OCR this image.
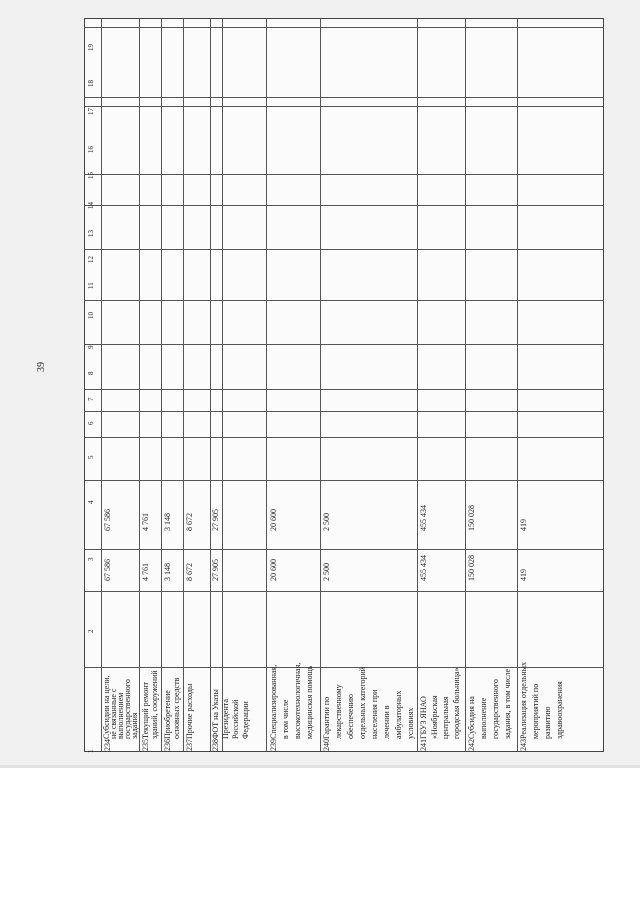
39
1
2
3
4
5
6
7
8
9
10
11
12
13
14
15
16
17
18
19
234
Субсидии на цели,
не связанные с
выполнением
государственного
задания
67 586
67 586
235
Текущий ремонт зданий, сооружений
4 761
4 761
236
Приобретение основных средств
3 148
3 148
237
Прочие расходы
8 672
8 672
238
ФОТ на Указы Президента Российской Федерации
27 905
27 905
239
Специализированная, в том числе высокотехнологичная, медицинская помощь
20 600
20 600
240
Гарантии по лекарственному обеспечению отдельных категорий населения при лечении в амбулаторных условиях
2 500
2 500
241
ГБУЗ ЯНАО «Ноябрьская центральная городская больница»
455 434
455 434
242
Субсидия на выполнение государственного задания, в том числе
150 028
150 028
243
Реализация отдельных мероприятий по развитию здравоохранения
419
419
